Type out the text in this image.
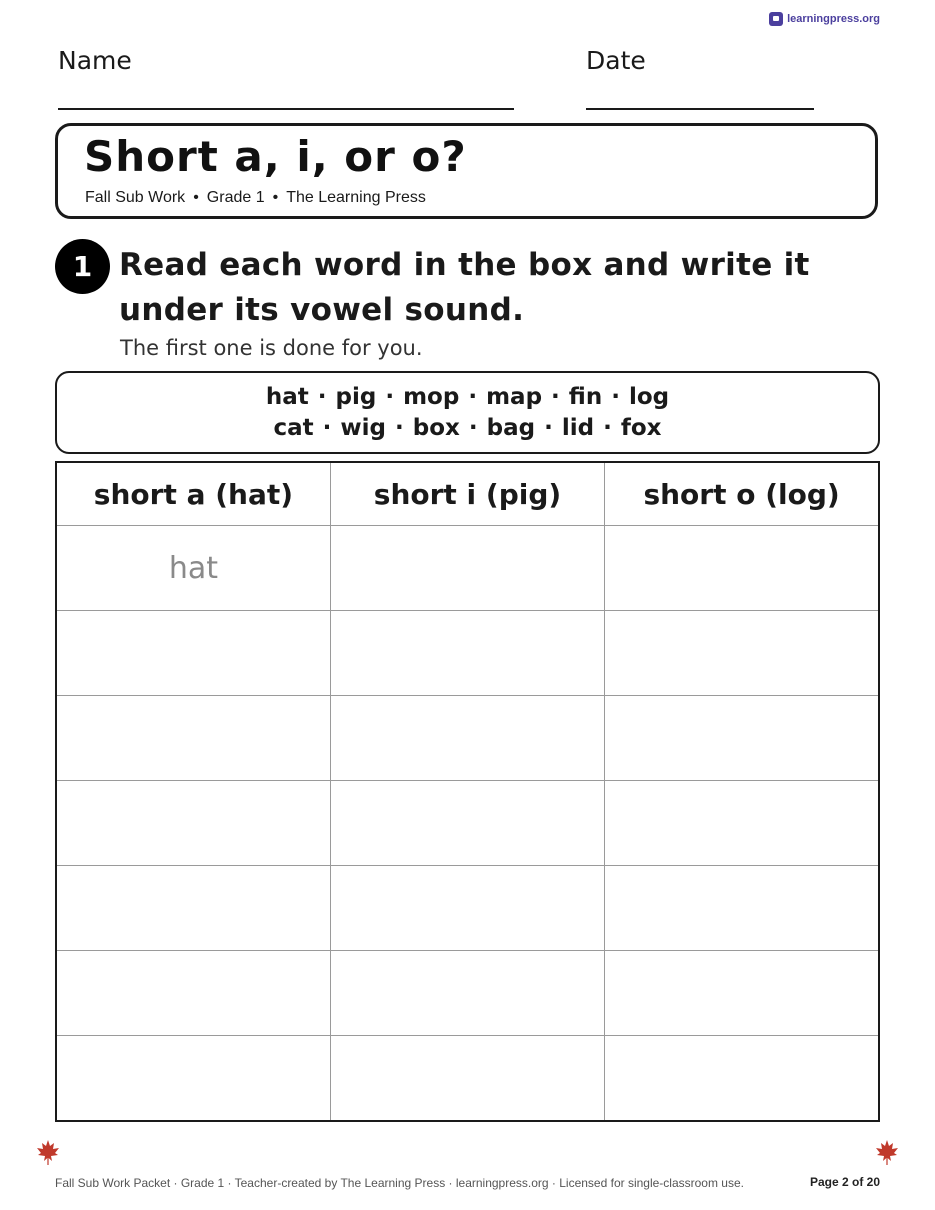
learningpress.org
Name	Date
Short a, i, or o?
Fall Sub Work • Grade 1 • The Learning Press
1 Read each word in the box and write it under its vowel sound.
The first one is done for you.
hat · pig · mop · map · fin · log
cat · wig · box · bag · lid · fox
short a (hat)	short i (pig)	short o (log)
hat		

Fall Sub Work Packet · Grade 1 · Teacher-created by The Learning Press · learningpress.org · Licensed for single-classroom use.	Page 2 of 20
